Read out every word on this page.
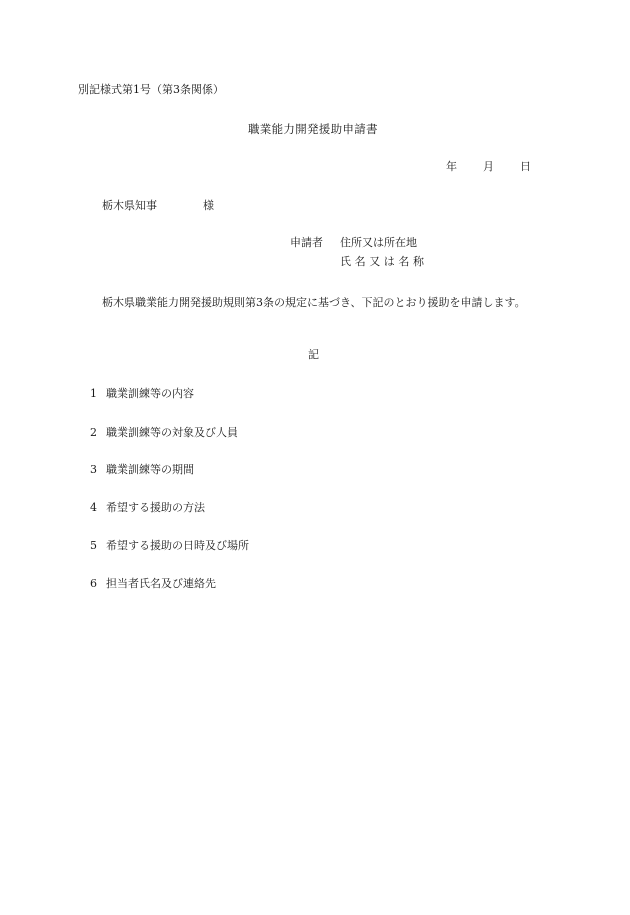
別記様式第1号（第3条関係）
職業能力開発援助申請書
年 月 日
栃木県知事	様
申請者 住所又は所在地
氏名又は名称
栃木県職業能力開発援助規則第3条の規定に基づき、下記のとおり援助を申請します。
記
1 職業訓練等の内容
2 職業訓練等の対象及び人員
3 職業訓練等の期間
4 希望する援助の方法
5 希望する援助の日時及び場所
6 担当者氏名及び連絡先
